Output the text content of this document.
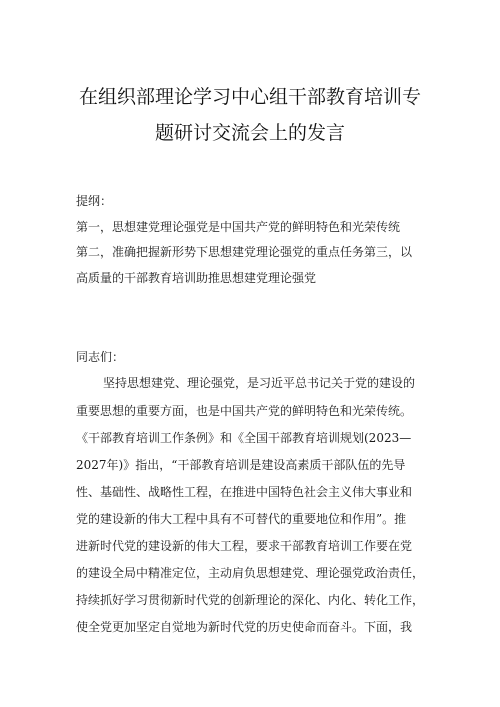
在组织部理论学习中心组干部教育培训专
题研讨交流会上的发言
提纲：
第一，思想建党理论强党是中国共产党的鲜明特色和光荣传统
第二，准确把握新形势下思想建党理论强党的重点任务第三，以
高质量的干部教育培训助推思想建党理论强党
同志们：
坚持思想建党、理论强党，是习近平总书记关于党的建设的
重要思想的重要方面，也是中国共产党的鲜明特色和光荣传统。
《干部教育培训工作条例》和《全国干部教育培训规划(2023—
2027年)》指出，“干部教育培训是建设高素质干部队伍的先导
性、基础性、战略性工程，在推进中国特色社会主义伟大事业和
党的建设新的伟大工程中具有不可替代的重要地位和作用”。推
进新时代党的建设新的伟大工程，要求干部教育培训工作要在党
的建设全局中精准定位，主动肩负思想建党、理论强党政治责任，
持续抓好学习贯彻新时代党的创新理论的深化、内化、转化工作，
使全党更加坚定自觉地为新时代党的历史使命而奋斗。下面，我
